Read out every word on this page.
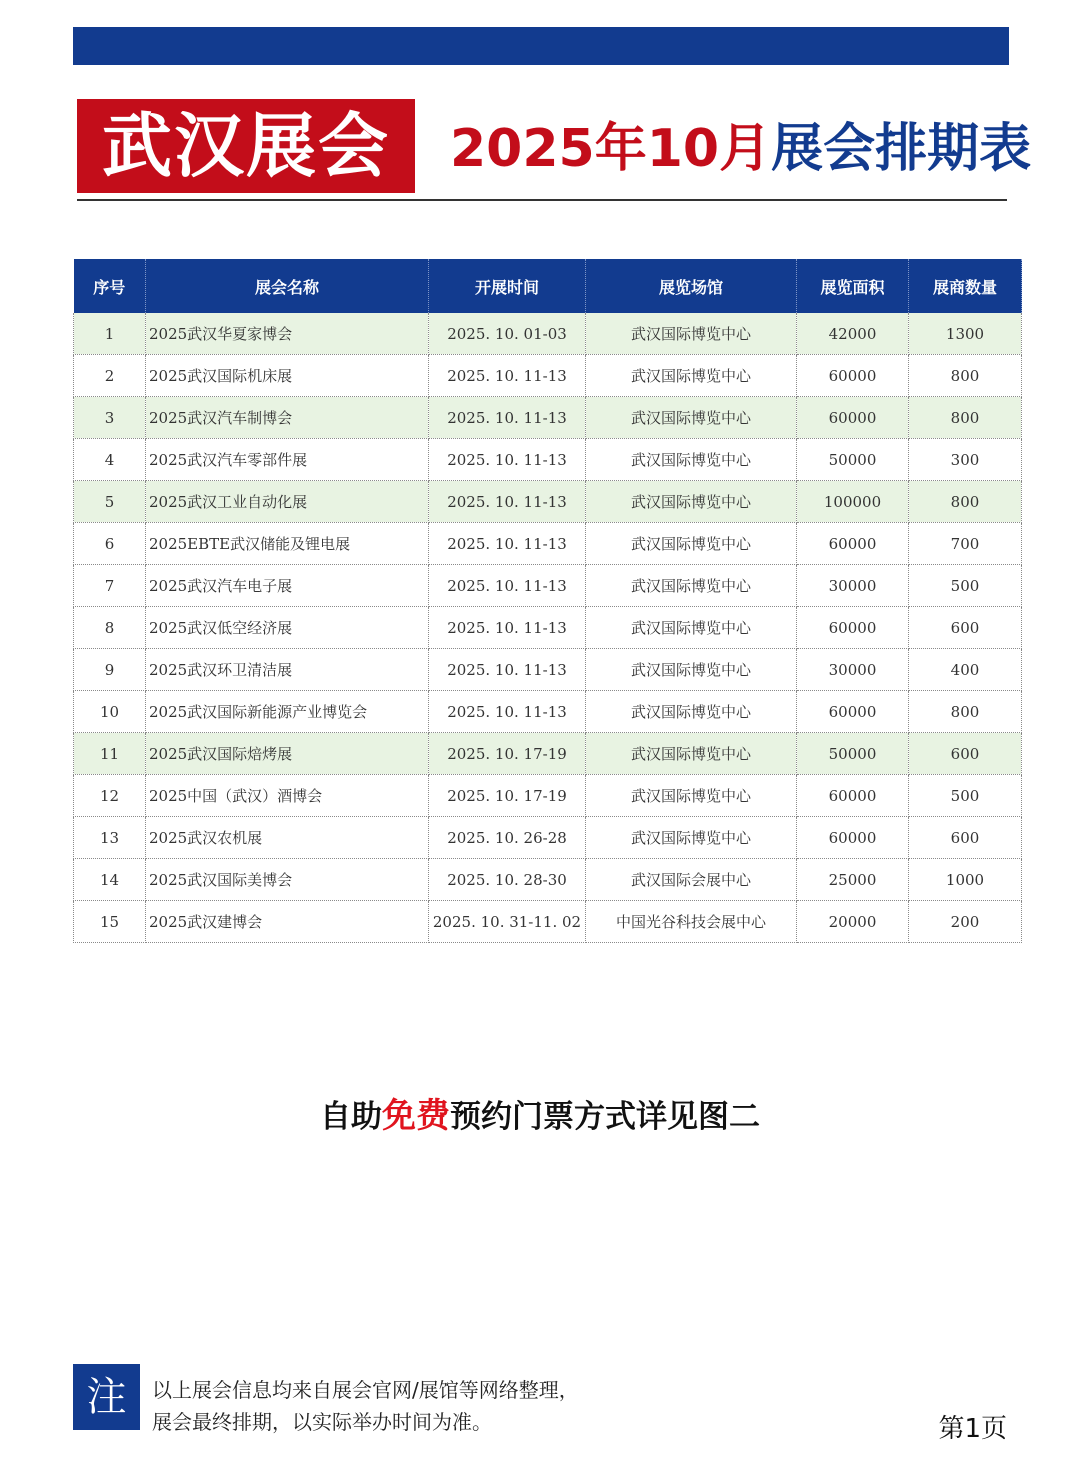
武汉展会	2025年10月展会排期表
序号	展会名称	开展时间	展览场馆	展览面积	展商数量
1	2025武汉华夏家博会	2025. 10. 01-03	武汉国际博览中心	42000	1300
2	2025武汉国际机床展	2025. 10. 11-13	武汉国际博览中心	60000	800
3	2025武汉汽车制博会	2025. 10. 11-13	武汉国际博览中心	60000	800
4	2025武汉汽车零部件展	2025. 10. 11-13	武汉国际博览中心	50000	300
5	2025武汉工业自动化展	2025. 10. 11-13	武汉国际博览中心	100000	800
6	2025EBTE武汉储能及锂电展	2025. 10. 11-13	武汉国际博览中心	60000	700
7	2025武汉汽车电子展	2025. 10. 11-13	武汉国际博览中心	30000	500
8	2025武汉低空经济展	2025. 10. 11-13	武汉国际博览中心	60000	600
9	2025武汉环卫清洁展	2025. 10. 11-13	武汉国际博览中心	30000	400
10	2025武汉国际新能源产业博览会	2025. 10. 11-13	武汉国际博览中心	60000	800
11	2025武汉国际焙烤展	2025. 10. 17-19	武汉国际博览中心	50000	600
12	2025中国（武汉）酒博会	2025. 10. 17-19	武汉国际博览中心	60000	500
13	2025武汉农机展	2025. 10. 26-28	武汉国际博览中心	60000	600
14	2025武汉国际美博会	2025. 10. 28-30	武汉国际会展中心	25000	1000
15	2025武汉建博会	2025. 10. 31-11. 02	中国光谷科技会展中心	20000	200
自助免费预约门票方式详见图二
注	以上展会信息均来自展会官网/展馆等网络整理，
展会最终排期，以实际举办时间为准。	第1页
